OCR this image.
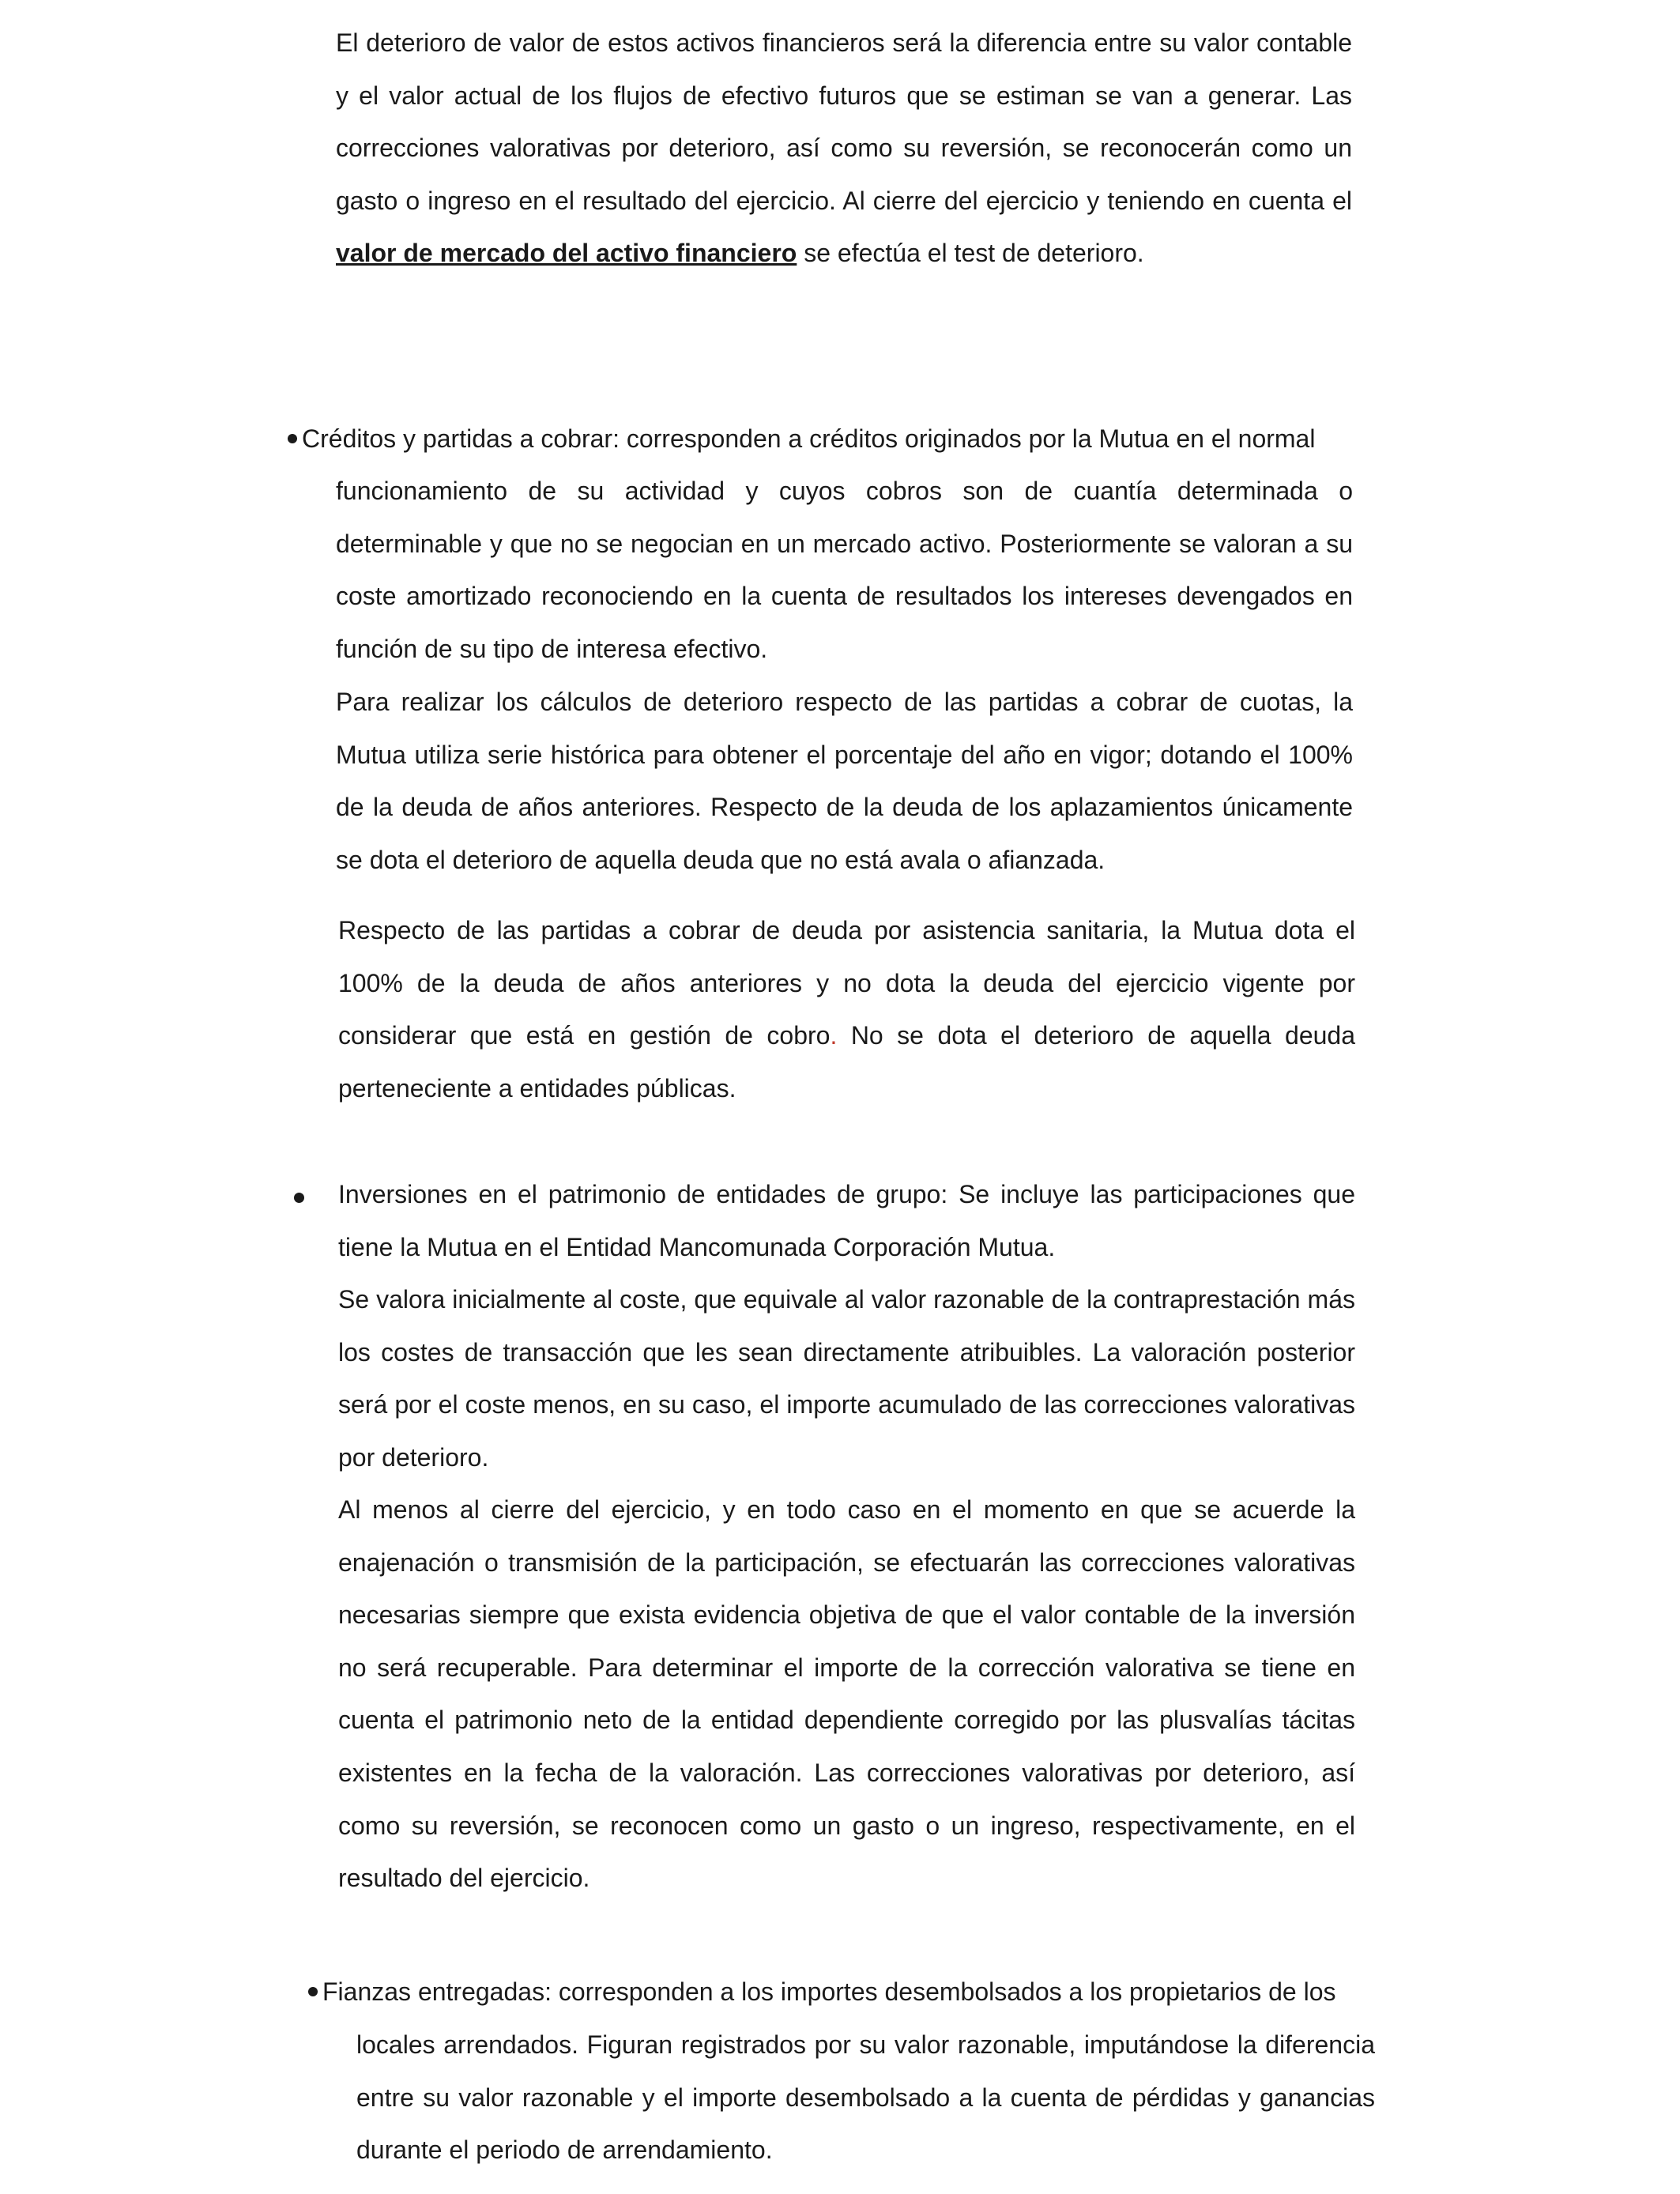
El deterioro de valor de estos activos financieros será la diferencia entre su valor contable y el valor actual de los flujos de efectivo futuros que se estiman se van a generar. Las correcciones valorativas por deterioro, así como su reversión, se reconocerán como un gasto o ingreso en el resultado del ejercicio. Al cierre del ejercicio y teniendo en cuenta el valor de mercado del activo financiero se efectúa el test de deterioro.

Créditos y partidas a cobrar: corresponden a créditos originados por la Mutua en el normal

funcionamiento de su actividad y cuyos cobros son de cuantía determinada o determinable y que no se negocian en un mercado activo. Posteriormente se valoran a su coste amortizado reconociendo en la cuenta de resultados los intereses devengados en función de su tipo de interesa efectivo.

Para realizar los cálculos de deterioro respecto de las partidas a cobrar de cuotas, la Mutua utiliza serie histórica para obtener el porcentaje del año en vigor; dotando el 100% de la deuda de años anteriores. Respecto de la deuda de los aplazamientos únicamente se dota el deterioro de aquella deuda que no está avala o afianzada.

Respecto de las partidas a cobrar de deuda por asistencia sanitaria, la Mutua dota el 100% de la deuda de años anteriores y no dota la deuda del ejercicio vigente por considerar que está en gestión de cobro. No se dota el deterioro de aquella deuda perteneciente a entidades públicas.

Inversiones en el patrimonio de entidades de grupo: Se incluye las participaciones que tiene la Mutua en el Entidad Mancomunada Corporación Mutua.

Se valora inicialmente al coste, que equivale al valor razonable de la contraprestación más los costes de transacción que les sean directamente atribuibles. La valoración posterior será por el coste menos, en su caso, el importe acumulado de las correcciones valorativas por deterioro.

Al menos al cierre del ejercicio, y en todo caso en el momento en que se acuerde la enajenación o transmisión de la participación, se efectuarán las correcciones valorativas necesarias siempre que exista evidencia objetiva de que el valor contable de la inversión no será recuperable. Para determinar el importe de la corrección valorativa se tiene en cuenta el patrimonio neto de la entidad dependiente corregido por las plusvalías tácitas existentes en la fecha de la valoración. Las correcciones valorativas por deterioro, así como su reversión, se reconocen como un gasto o un ingreso, respectivamente, en el resultado del ejercicio.

Fianzas entregadas: corresponden a los importes desembolsados a los propietarios de los

locales arrendados. Figuran registrados por su valor razonable, imputándose la diferencia entre su valor razonable y el importe desembolsado a la cuenta de pérdidas y ganancias durante el periodo de arrendamiento.
